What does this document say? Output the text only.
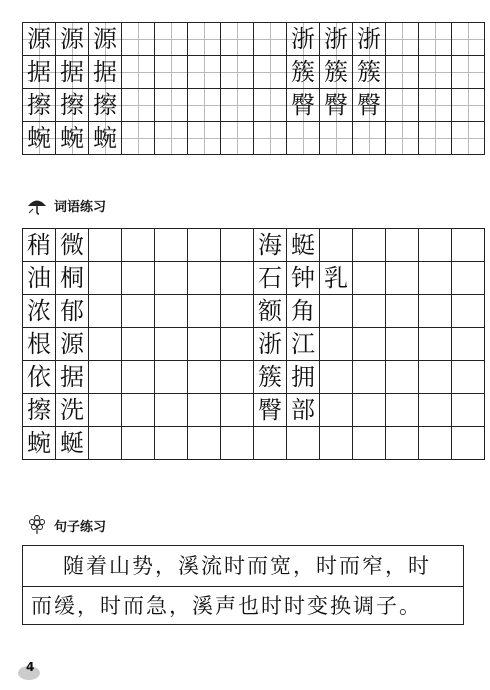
源	源	源						浙	浙	浙			
据	据	据						簇	簇	簇			
擦	擦	擦						臀	臀	臀			
蜿	蜿	蜿											
词语练习
稍	微						海	蜓					
油	桐						石	钟	乳				
浓	郁						额	角					
根	源						浙	江					
依	据						簇	拥					
擦	洗						臀	部					
蜿	蜒												
句子练习
随着山势，溪流时而宽，时而窄，时
而缓，时而急，溪声也时时变换调子。
4
